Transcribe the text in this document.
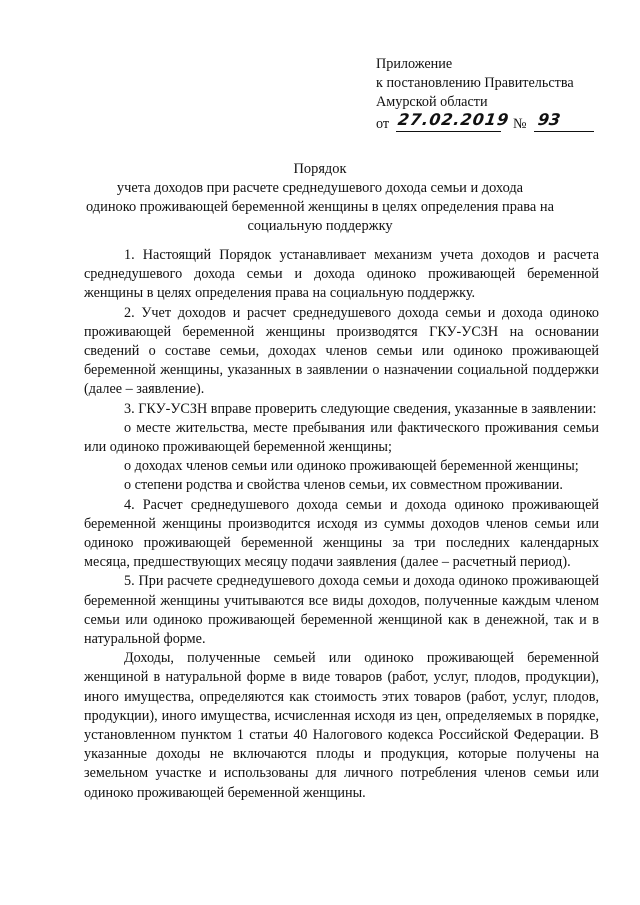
Приложение
к постановлению Правительства
Амурской области
от 27.02.2019 № 93
Порядок
учета доходов при расчете среднедушевого дохода семьи и дохода
одиноко проживающей беременной женщины в целях определения права на
социальную поддержку

1. Настоящий Порядок устанавливает механизм учета доходов и расчета среднедушевого дохода семьи и дохода одиноко проживающей беременной женщины в целях определения права на социальную поддержку.

2. Учет доходов и расчет среднедушевого дохода семьи и дохода одиноко проживающей беременной женщины производятся ГКУ-УСЗН на основании сведений о составе семьи, доходах членов семьи или одиноко проживающей беременной женщины, указанных в заявлении о назначении социальной поддержки (далее – заявление).

3. ГКУ-УСЗН вправе проверить следующие сведения, указанные в заявлении:

о месте жительства, месте пребывания или фактического проживания семьи или одиноко проживающей беременной женщины;

о доходах членов семьи или одиноко проживающей беременной женщины;

о степени родства и свойства членов семьи, их совместном проживании.

4. Расчет среднедушевого дохода семьи и дохода одиноко проживающей беременной женщины производится исходя из суммы доходов членов семьи или одиноко проживающей беременной женщины за три последних календарных месяца, предшествующих месяцу подачи заявления (далее – расчетный период).

5. При расчете среднедушевого дохода семьи и дохода одиноко проживающей беременной женщины учитываются все виды доходов, полученные каждым членом семьи или одиноко проживающей беременной женщиной как в денежной, так и в натуральной форме.

Доходы, полученные семьей или одиноко проживающей беременной женщиной в натуральной форме в виде товаров (работ, услуг, плодов, продукции), иного имущества, определяются как стоимость этих товаров (работ, услуг, плодов, продукции), иного имущества, исчисленная исходя из цен, определяемых в порядке, установленном пунктом 1 статьи 40 Налогового кодекса Российской Федерации. В указанные доходы не включаются плоды и продукция, которые получены на земельном участке и использованы для личного потребления членов семьи или одиноко проживающей беременной женщины.
